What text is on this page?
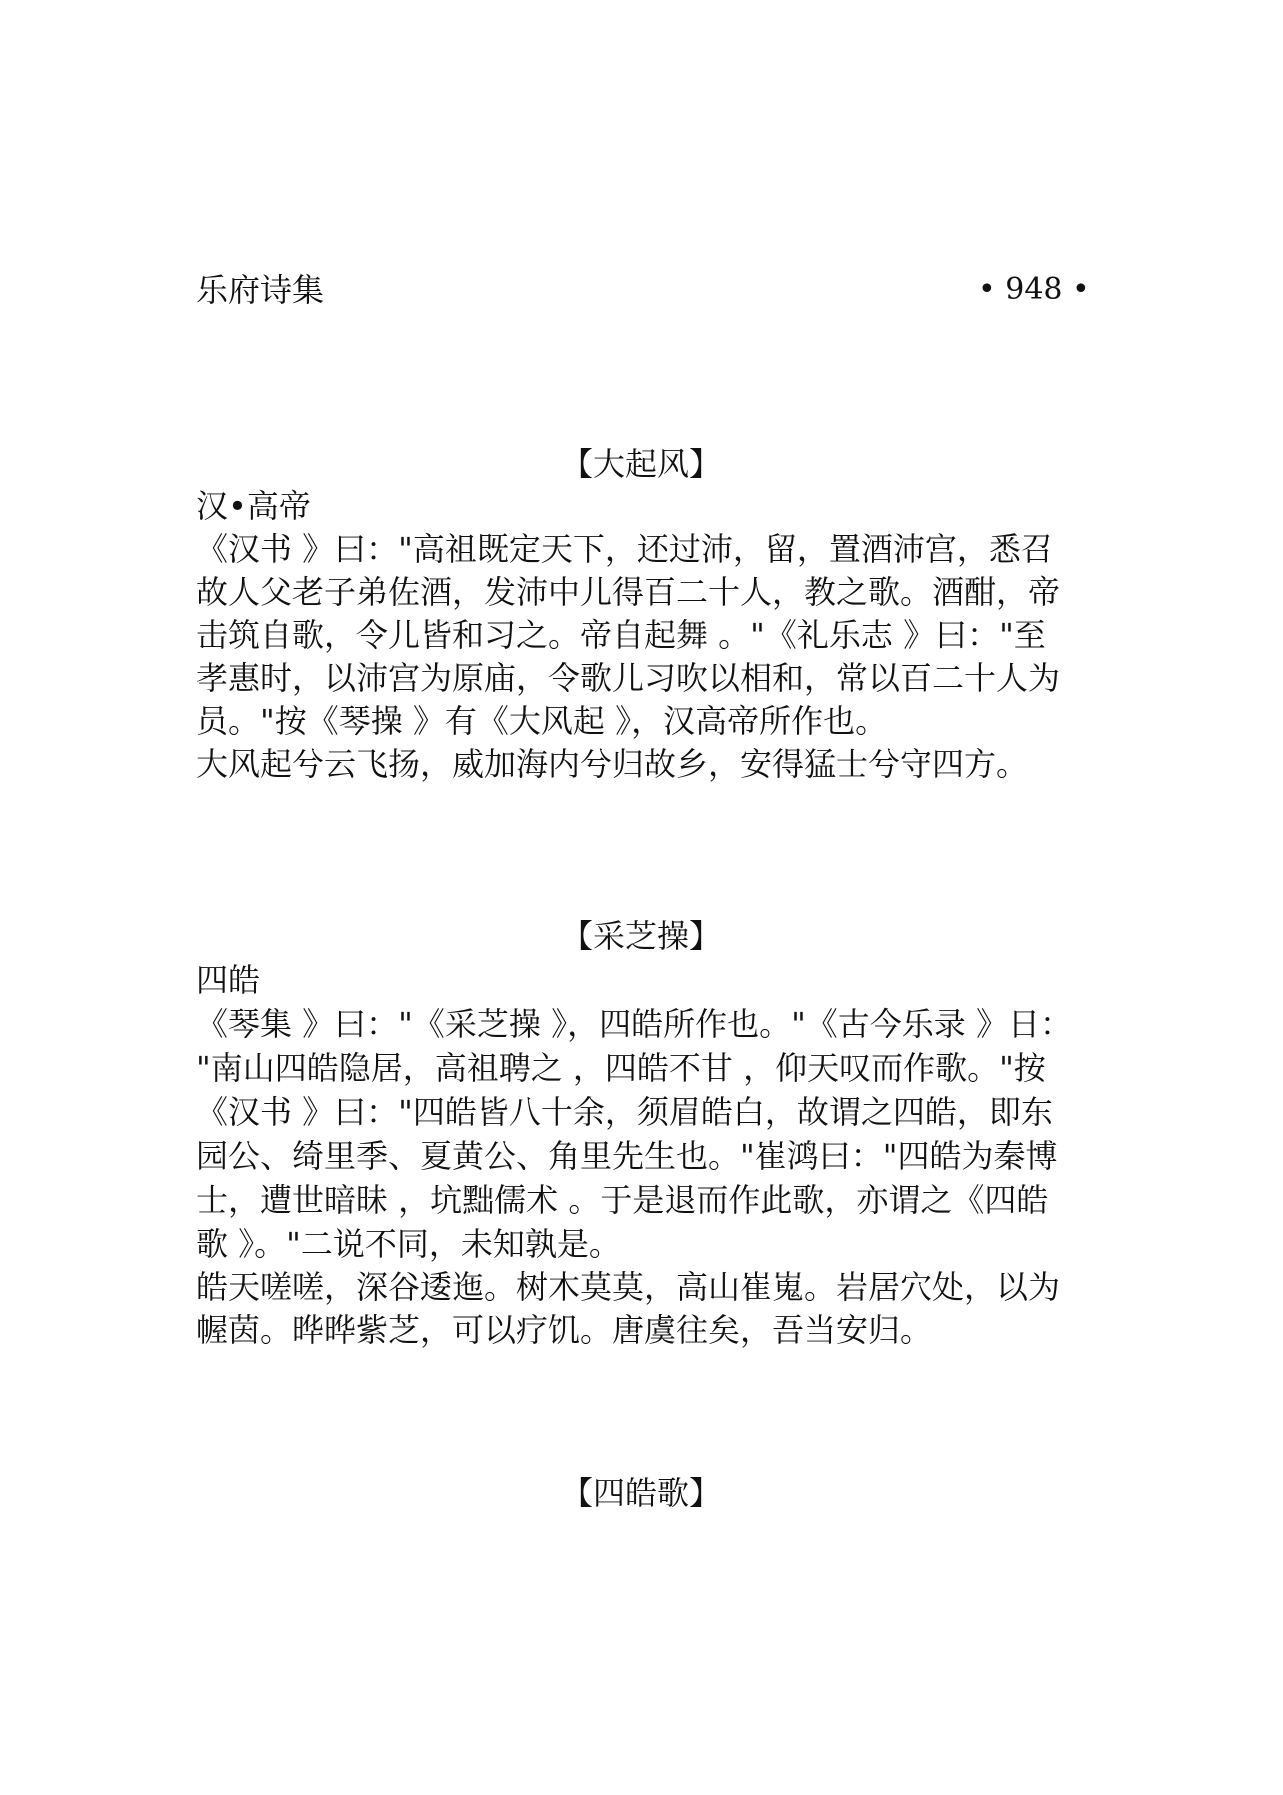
乐府诗集	• 948 •
【大起风】
汉•高帝
《汉书 》曰："高祖既定天下，还过沛，留，置酒沛宫，悉召
故人父老子弟佐酒，发沛中儿得百二十人，教之歌。酒酣，帝
击筑自歌，令儿皆和习之。帝自起舞 。"《礼乐志 》曰："至
孝惠时，以沛宫为原庙，令歌儿习吹以相和，常以百二十人为
员。"按《琴操 》有《大风起 》，汉高帝所作也。
大风起兮云飞扬，威加海内兮归故乡，安得猛士兮守四方。
【采芝操】
四皓
《琴集 》曰："《采芝操 》，四皓所作也。"《古今乐录 》日：
"南山四皓隐居，高祖聘之 ，四皓不甘 ，仰天叹而作歌。"按
《汉书 》曰："四皓皆八十余，须眉皓白，故谓之四皓，即东
园公、绮里季、夏黄公、角里先生也。"崔鸿曰："四皓为秦博
士，遭世暗昧 ，坑黜儒术 。于是退而作此歌，亦谓之《四皓
歌 》。"二说不同，未知孰是。
皓天嗟嗟，深谷逶迤。树木莫莫，高山崔嵬。岩居穴处，以为
幄茵。晔晔紫芝，可以疗饥。唐虞往矣，吾当安归。
【四皓歌】
